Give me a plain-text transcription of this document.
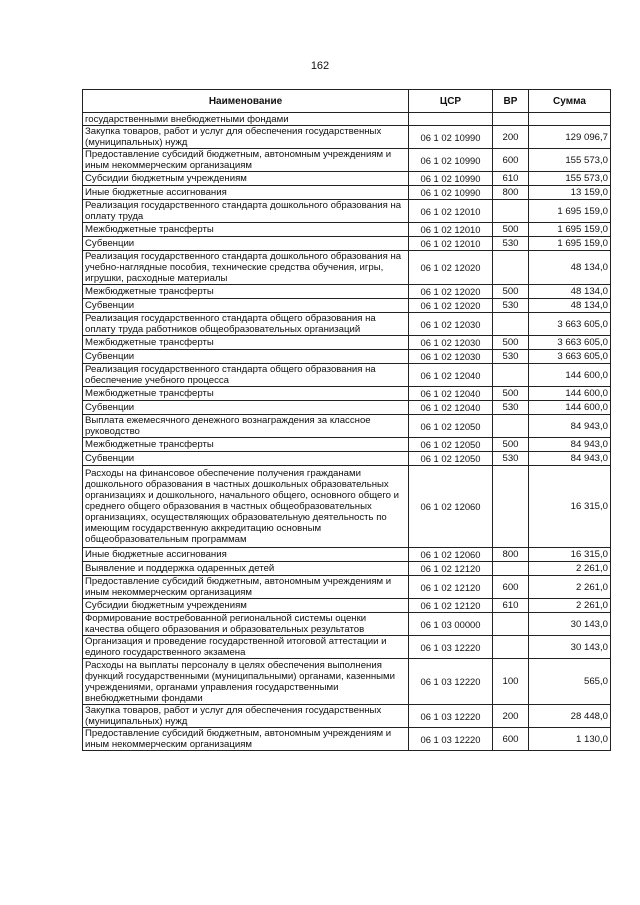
162
Наименование	ЦСР	ВР	Сумма
государственными внебюджетными фондами			
Закупка товаров, работ и услуг для обеспечения государственных (муниципальных) нужд	06 1 02 10990	200	129 096,7
Предоставление субсидий бюджетным, автономным учреждениям и иным некоммерческим организациям	06 1 02 10990	600	155 573,0
Субсидии бюджетным учреждениям	06 1 02 10990	610	155 573,0
Иные бюджетные ассигнования	06 1 02 10990	800	13 159,0
Реализация государственного стандарта дошкольного образования на оплату труда	06 1 02 12010		1 695 159,0
Межбюджетные трансферты	06 1 02 12010	500	1 695 159,0
Субвенции	06 1 02 12010	530	1 695 159,0
Реализация государственного стандарта дошкольного образования на учебно-наглядные пособия, технические средства обучения, игры, игрушки, расходные материалы	06 1 02 12020		48 134,0
Межбюджетные трансферты	06 1 02 12020	500	48 134,0
Субвенции	06 1 02 12020	530	48 134,0
Реализация государственного стандарта общего образования на оплату труда работников общеобразовательных организаций	06 1 02 12030		3 663 605,0
Межбюджетные трансферты	06 1 02 12030	500	3 663 605,0
Субвенции	06 1 02 12030	530	3 663 605,0
Реализация государственного стандарта общего образования на обеспечение учебного процесса	06 1 02 12040		144 600,0
Межбюджетные трансферты	06 1 02 12040	500	144 600,0
Субвенции	06 1 02 12040	530	144 600,0
Выплата ежемесячного денежного вознаграждения за классное руководство	06 1 02 12050		84 943,0
Межбюджетные трансферты	06 1 02 12050	500	84 943,0
Субвенции	06 1 02 12050	530	84 943,0
Расходы на финансовое обеспечение получения гражданами дошкольного образования в частных дошкольных образовательных организациях и дошкольного, начального общего, основного общего и среднего общего образования в частных общеобразовательных организациях, осуществляющих образовательную деятельность по имеющим государственную аккредитацию основным общеобразовательным программам	06 1 02 12060		16 315,0
Иные бюджетные ассигнования	06 1 02 12060	800	16 315,0
Выявление и поддержка одаренных детей	06 1 02 12120		2 261,0
Предоставление субсидий бюджетным, автономным учреждениям и иным некоммерческим организациям	06 1 02 12120	600	2 261,0
Субсидии бюджетным учреждениям	06 1 02 12120	610	2 261,0
Формирование востребованной региональной системы оценки качества общего образования и образовательных результатов	06 1 03 00000		30 143,0
Организация и проведение государственной итоговой аттестации и единого государственного экзамена	06 1 03 12220		30 143,0
Расходы на выплаты персоналу в целях обеспечения выполнения функций государственными (муниципальными) органами, казенными учреждениями, органами управления государственными внебюджетными фондами	06 1 03 12220	100	565,0
Закупка товаров, работ и услуг для обеспечения государственных (муниципальных) нужд	06 1 03 12220	200	28 448,0
Предоставление субсидий бюджетным, автономным учреждениям и иным некоммерческим организациям	06 1 03 12220	600	1 130,0
